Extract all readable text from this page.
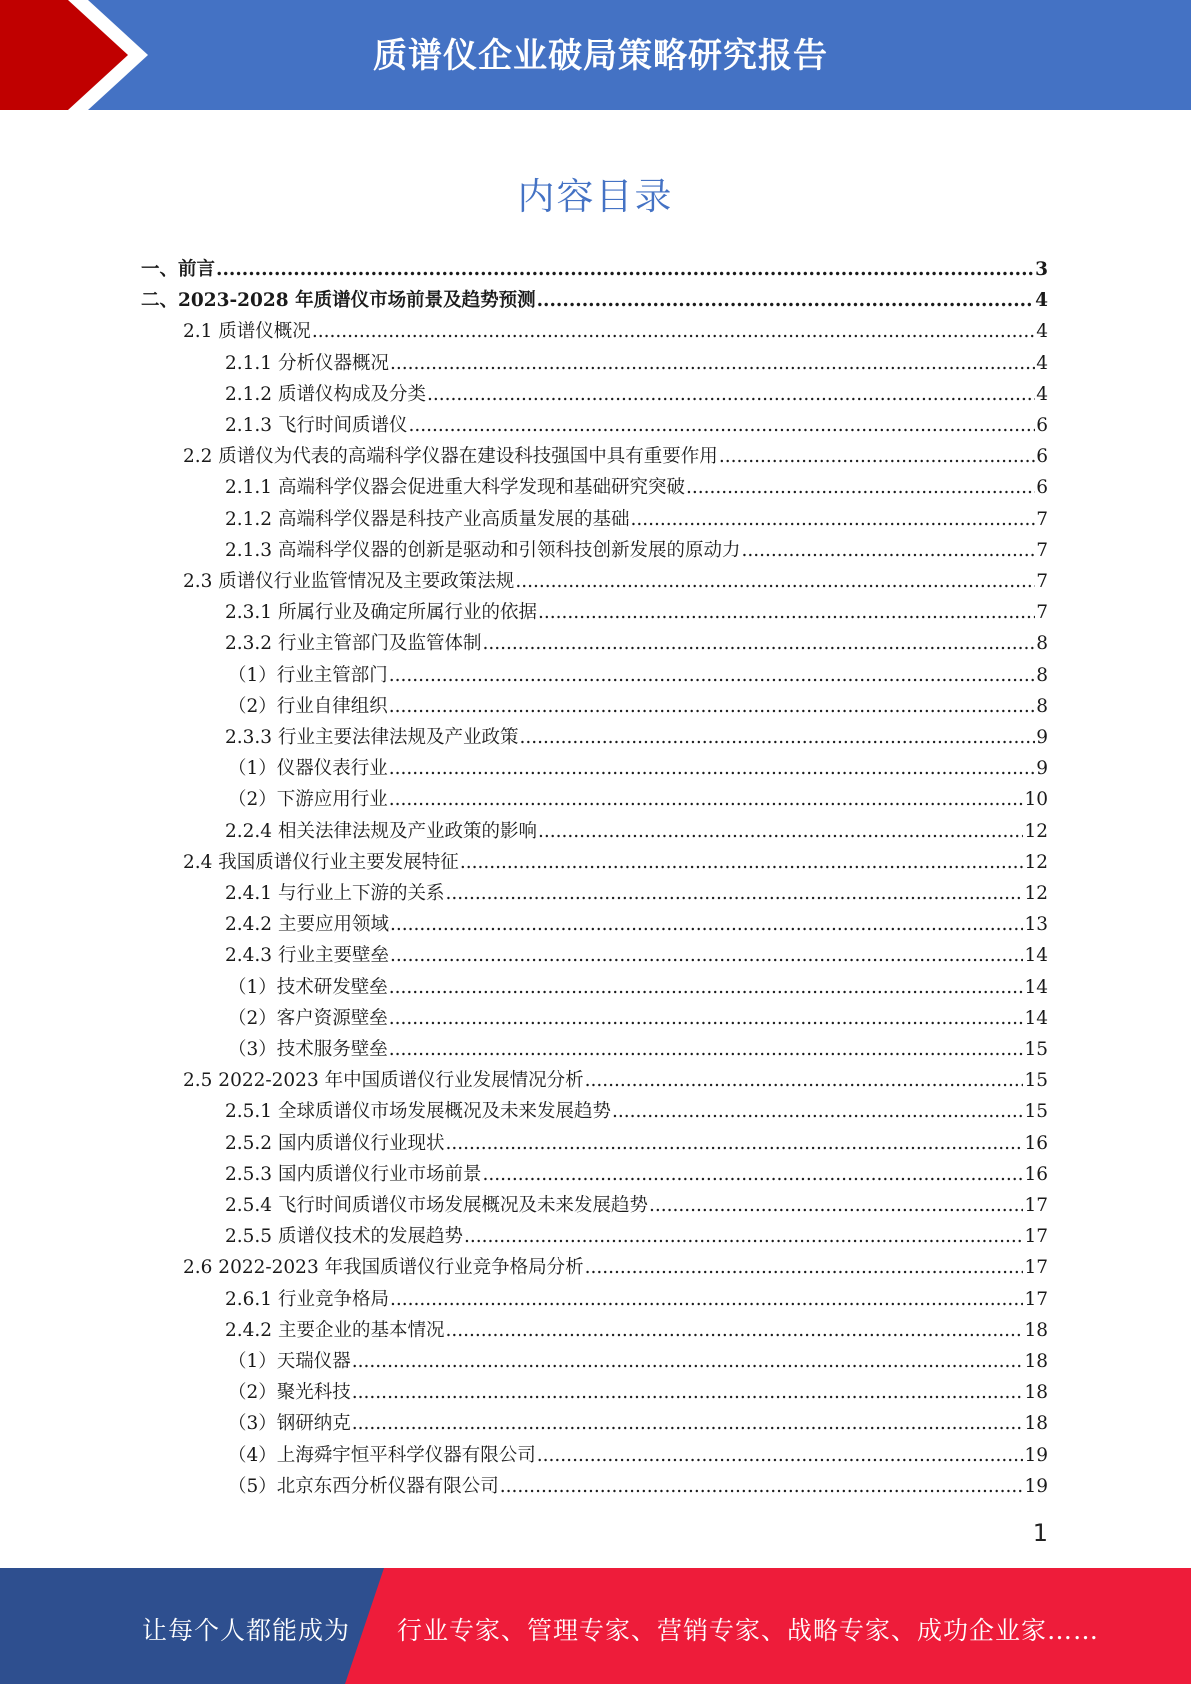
质谱仪企业破局策略研究报告
内容目录
一、前言 .....	3
二、2023-2028 年质谱仪市场前景及趋势预测 .....	4
2.1 质谱仪概况 .....	4
2.1.1 分析仪器概况 .....	4
2.1.2 质谱仪构成及分类 .....	4
2.1.3 飞行时间质谱仪 .....	6
2.2 质谱仪为代表的高端科学仪器在建设科技强国中具有重要作用 .....	6
2.1.1 高端科学仪器会促进重大科学发现和基础研究突破 .....	6
2.1.2 高端科学仪器是科技产业高质量发展的基础 .....	7
2.1.3 高端科学仪器的创新是驱动和引领科技创新发展的原动力 .....	7
2.3 质谱仪行业监管情况及主要政策法规 .....	7
2.3.1 所属行业及确定所属行业的依据 .....	7
2.3.2 行业主管部门及监管体制 .....	8
（1）行业主管部门 .....	8
（2）行业自律组织 .....	8
2.3.3 行业主要法律法规及产业政策 .....	9
（1）仪器仪表行业 .....	9
（2）下游应用行业 .....	10
2.2.4 相关法律法规及产业政策的影响 .....	12
2.4 我国质谱仪行业主要发展特征 .....	12
2.4.1 与行业上下游的关系 .....	12
2.4.2 主要应用领域 .....	13
2.4.3 行业主要壁垒 .....	14
（1）技术研发壁垒 .....	14
（2）客户资源壁垒 .....	14
（3）技术服务壁垒 .....	15
2.5 2022-2023 年中国质谱仪行业发展情况分析 .....	15
2.5.1 全球质谱仪市场发展概况及未来发展趋势 .....	15
2.5.2 国内质谱仪行业现状 .....	16
2.5.3 国内质谱仪行业市场前景 .....	16
2.5.4 飞行时间质谱仪市场发展概况及未来发展趋势 .....	17
2.5.5 质谱仪技术的发展趋势 .....	17
2.6 2022-2023 年我国质谱仪行业竞争格局分析 .....	17
2.6.1 行业竞争格局 .....	17
2.4.2 主要企业的基本情况 .....	18
（1）天瑞仪器 .....	18
（2）聚光科技 .....	18
（3）钢研纳克 .....	18
（4）上海舜宇恒平科学仪器有限公司 .....	19
（5）北京东西分析仪器有限公司 .....	19
1
让每个人都能成为 行业专家、管理专家、营销专家、战略专家、成功企业家……
